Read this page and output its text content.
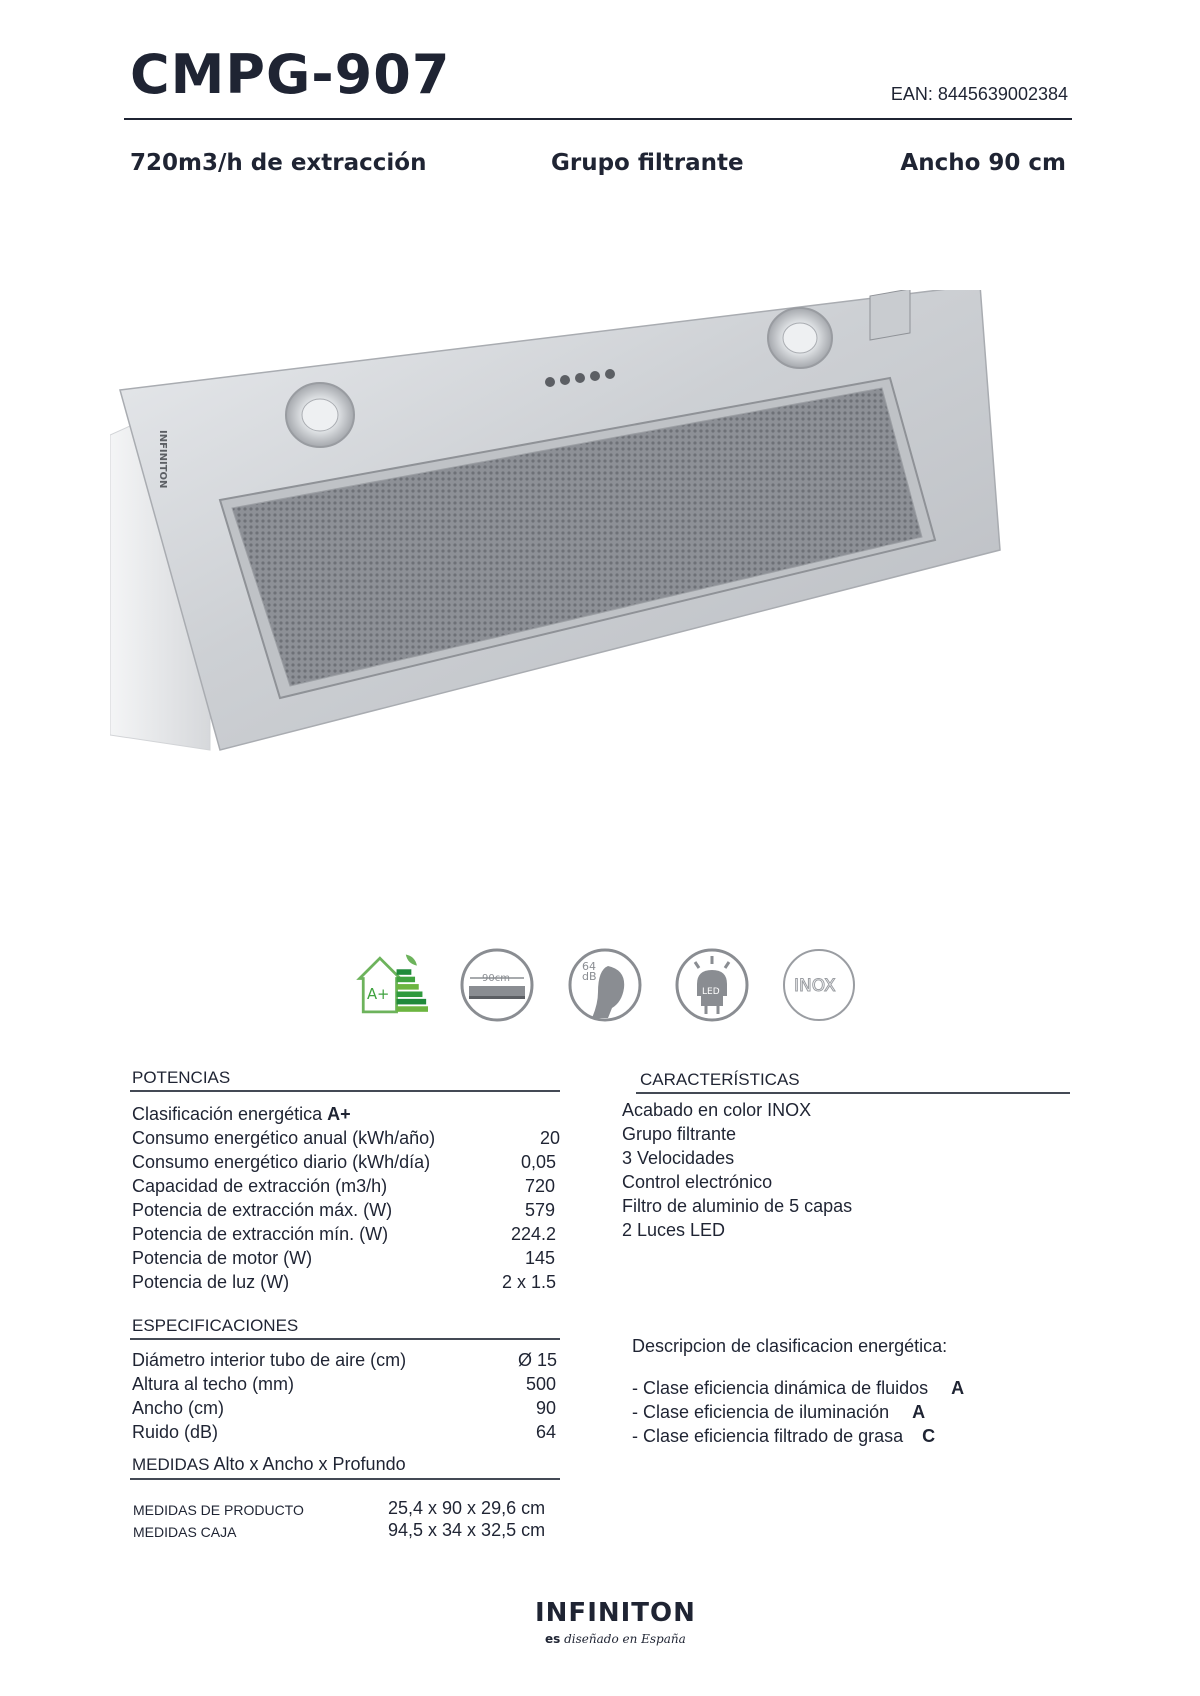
CMPG-907	EAN: 8445639002384
720m3/h de extracción	Grupo filtrante	Ancho 90 cm
INFINITON
A+
90cm
64
dB
LED	INOX
POTENCIAS
Clasificación energética A+
Consumo energético anual (kWh/año)	20
Consumo energético diario (kWh/día)	0,05
Capacidad de extracción (m3/h)	720
Potencia de extracción máx. (W)	579
Potencia de extracción mín. (W)	224.2
Potencia de motor (W)	145
Potencia de luz (W)	2 x 1.5
ESPECIFICACIONES
Diámetro interior tubo de aire (cm)	Ø 15
Altura al techo (mm)	500
Ancho (cm)	90
Ruido (dB)	64
MEDIDAS Alto x Ancho x Profundo
MEDIDAS DE PRODUCTO	25,4 x 90 x 29,6 cm
MEDIDAS CAJA	94,5 x 34 x 32,5 cm
CARACTERÍSTICAS
Acabado en color INOX
Grupo filtrante
3 Velocidades
Control electrónico
Filtro de aluminio de 5 capas
2 Luces LED
Descripcion de clasificacion energética:
- Clase eficiencia dinámica de fluidos A
- Clase eficiencia de iluminación A
- Clase eficiencia filtrado de grasa C
INFINITON
es diseñado en España
